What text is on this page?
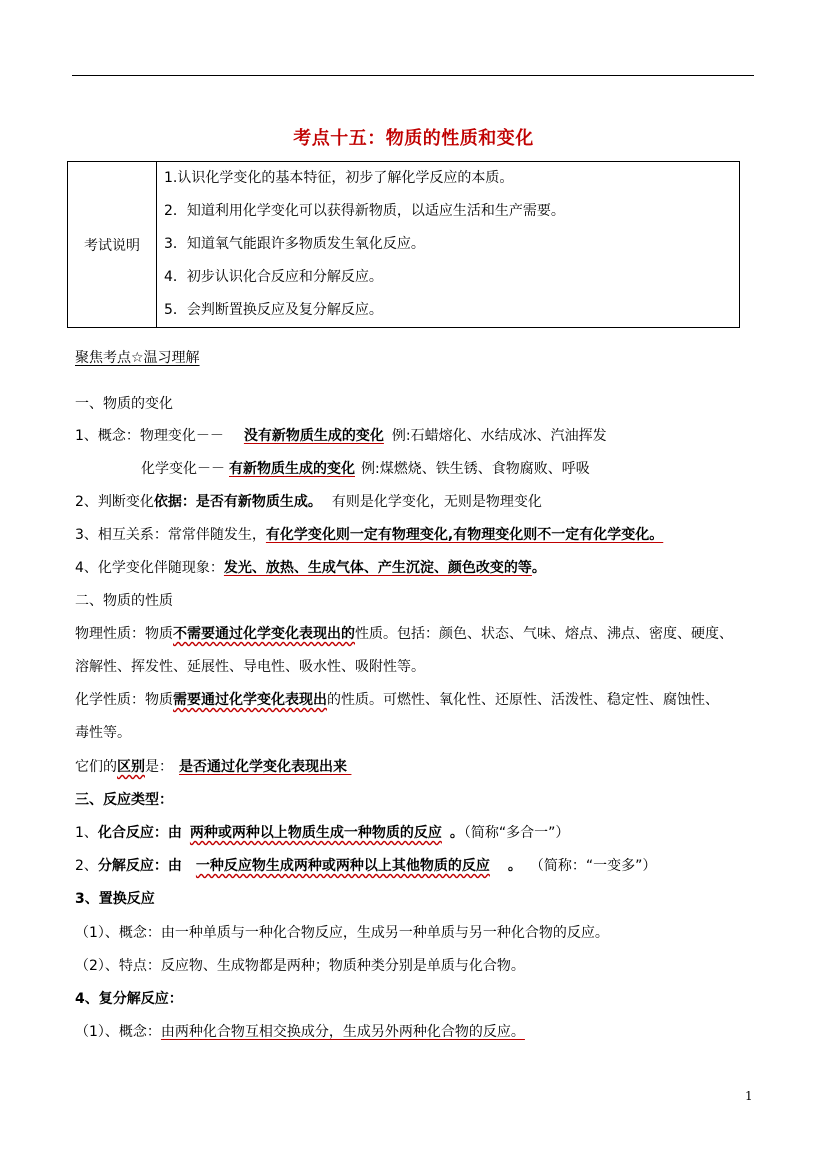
考点十五：物质的性质和变化
考试说明	
1.认识化学变化的基本特征，初步了解化学反应的本质。
2．知道利用化学变化可以获得新物质，以适应生活和生产需要。
3．知道氧气能跟许多物质发生氧化反应。
4．初步认识化合反应和分解反应。
5．会判断置换反应及复分解反应。
聚焦考点☆温习理解
一、物质的变化
1、概念：物理变化－－ 没有新物质生成的变化 例:石蜡熔化、水结成冰、汽油挥发
化学变化－－ 有新物质生成的变化 例:煤燃烧、铁生锈、食物腐败、呼吸
2、判断变化依据：是否有新物质生成。 有则是化学变化，无则是物理变化
3、相互关系：常常伴随发生，有化学变化则一定有物理变化,有物理变化则不一定有化学变化。
4、化学变化伴随现象：发光、放热、生成气体、产生沉淀、颜色改变的等。
二、物质的性质
物理性质：物质不需要通过化学变化表现出的性质。包括：颜色、状态、气味、熔点、沸点、密度、硬度、
溶解性、挥发性、延展性、导电性、吸水性、吸附性等。
化学性质：物质需要通过化学变化表现出的性质。可燃性、氧化性、还原性、活泼性、稳定性、腐蚀性、
毒性等。
它们的区别是： 是否通过化学变化表现出来
三、反应类型：
1、化合反应：由 两种或两种以上物质生成一种物质的反应 。（简称“多合一”）
2、分解反应：由 一种反应物生成两种或两种以上其他物质的反应 。 （简称：“一变多”）
3、置换反应
（1）、概念：由一种单质与一种化合物反应，生成另一种单质与另一种化合物的反应。
（2）、特点：反应物、生成物都是两种；物质种类分别是单质与化合物。
4、复分解反应：
（1）、概念：由两种化合物互相交换成分，生成另外两种化合物的反应。
1
